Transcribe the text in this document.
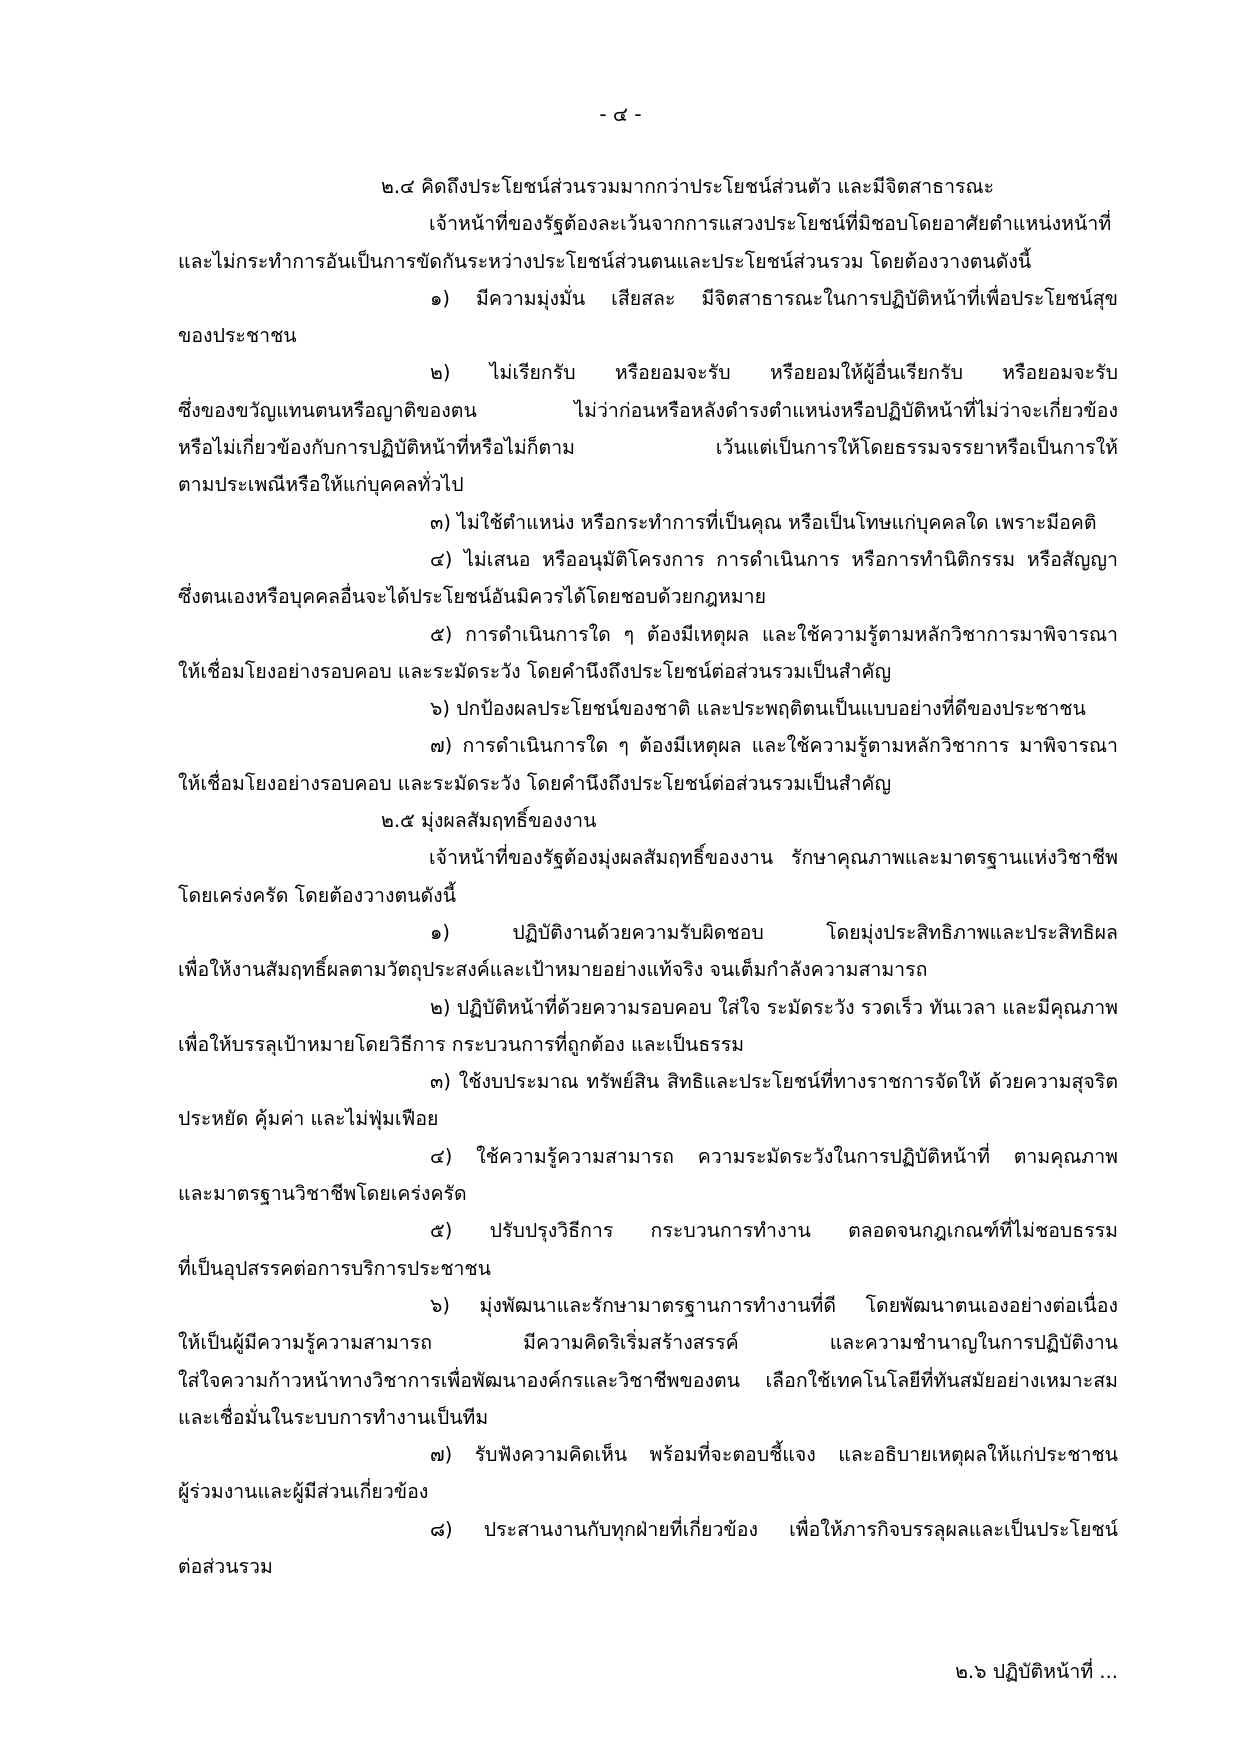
- ๔ -
๒.๔ คิดถึงประโยชน์ส่วนรวมมากกว่าประโยชน์ส่วนตัว และมีจิตสาธารณะ
เจ้าหน้าที่ของรัฐต้องละเว้นจากการแสวงประโยชน์ที่มิชอบโดยอาศัยตำแหน่งหน้าที่
และไม่กระทำการอันเป็นการขัดกันระหว่างประโยชน์ส่วนตนและประโยชน์ส่วนรวม โดยต้องวางตนดังนี้
๑) มีความมุ่งมั่น เสียสละ มีจิตสาธารณะในการปฏิบัติหน้าที่เพื่อประโยชน์สุข
ของประชาชน
๒) ไม่เรียกรับ หรือยอมจะรับ หรือยอมให้ผู้อื่นเรียกรับ หรือยอมจะรับ
ซึ่งของขวัญแทนตนหรือญาติของตน ไม่ว่าก่อนหรือหลังดำรงตำแหน่งหรือปฏิบัติหน้าที่ไม่ว่าจะเกี่ยวข้อง
หรือไม่เกี่ยวข้องกับการปฏิบัติหน้าที่หรือไม่ก็ตาม เว้นแต่เป็นการให้โดยธรรมจรรยาหรือเป็นการให้
ตามประเพณีหรือให้แก่บุคคลทั่วไป
๓) ไม่ใช้ตำแหน่ง หรือกระทำการที่เป็นคุณ หรือเป็นโทษแก่บุคคลใด เพราะมีอคติ
๔) ไม่เสนอ หรืออนุมัติโครงการ การดำเนินการ หรือการทำนิติกรรม หรือสัญญา
ซึ่งตนเองหรือบุคคลอื่นจะได้ประโยชน์อันมิควรได้โดยชอบด้วยกฎหมาย
๕) การดำเนินการใด ๆ ต้องมีเหตุผล และใช้ความรู้ตามหลักวิชาการมาพิจารณา
ให้เชื่อมโยงอย่างรอบคอบ และระมัดระวัง โดยคำนึงถึงประโยชน์ต่อส่วนรวมเป็นสำคัญ
๖) ปกป้องผลประโยชน์ของชาติ และประพฤติตนเป็นแบบอย่างที่ดีของประชาชน
๗) การดำเนินการใด ๆ ต้องมีเหตุผล และใช้ความรู้ตามหลักวิชาการ มาพิจารณา
ให้เชื่อมโยงอย่างรอบคอบ และระมัดระวัง โดยคำนึงถึงประโยชน์ต่อส่วนรวมเป็นสำคัญ
๒.๕ มุ่งผลสัมฤทธิ์ของงาน
เจ้าหน้าที่ของรัฐต้องมุ่งผลสัมฤทธิ์ของงาน รักษาคุณภาพและมาตรฐานแห่งวิชาชีพ
โดยเคร่งครัด โดยต้องวางตนดังนี้
๑) ปฏิบัติงานด้วยความรับผิดชอบ โดยมุ่งประสิทธิภาพและประสิทธิผล
เพื่อให้งานสัมฤทธิ์ผลตามวัตถุประสงค์และเป้าหมายอย่างแท้จริง จนเต็มกำลังความสามารถ
๒) ปฏิบัติหน้าที่ด้วยความรอบคอบ ใส่ใจ ระมัดระวัง รวดเร็ว ทันเวลา และมีคุณภาพ
เพื่อให้บรรลุเป้าหมายโดยวิธีการ กระบวนการที่ถูกต้อง และเป็นธรรม
๓) ใช้งบประมาณ ทรัพย์สิน สิทธิและประโยชน์ที่ทางราชการจัดให้ ด้วยความสุจริต
ประหยัด คุ้มค่า และไม่ฟุ่มเฟือย
๔) ใช้ความรู้ความสามารถ ความระมัดระวังในการปฏิบัติหน้าที่ ตามคุณภาพ
และมาตรฐานวิชาชีพโดยเคร่งครัด
๕) ปรับปรุงวิธีการ กระบวนการทำงาน ตลอดจนกฎเกณฑ์ที่ไม่ชอบธรรม
ที่เป็นอุปสรรคต่อการบริการประชาชน
๖) มุ่งพัฒนาและรักษามาตรฐานการทำงานที่ดี โดยพัฒนาตนเองอย่างต่อเนื่อง
ให้เป็นผู้มีความรู้ความสามารถ มีความคิดริเริ่มสร้างสรรค์ และความชำนาญในการปฏิบัติงาน
ใส่ใจความก้าวหน้าทางวิชาการเพื่อพัฒนาองค์กรและวิชาชีพของตน เลือกใช้เทคโนโลยีที่ทันสมัยอย่างเหมาะสม
และเชื่อมั่นในระบบการทำงานเป็นทีม
๗) รับฟังความคิดเห็น พร้อมที่จะตอบชี้แจง และอธิบายเหตุผลให้แก่ประชาชน
ผู้ร่วมงานและผู้มีส่วนเกี่ยวข้อง
๘) ประสานงานกับทุกฝ่ายที่เกี่ยวข้อง เพื่อให้ภารกิจบรรลุผลและเป็นประโยชน์
ต่อส่วนรวม
๒.๖ ปฏิบัติหน้าที่ ...
